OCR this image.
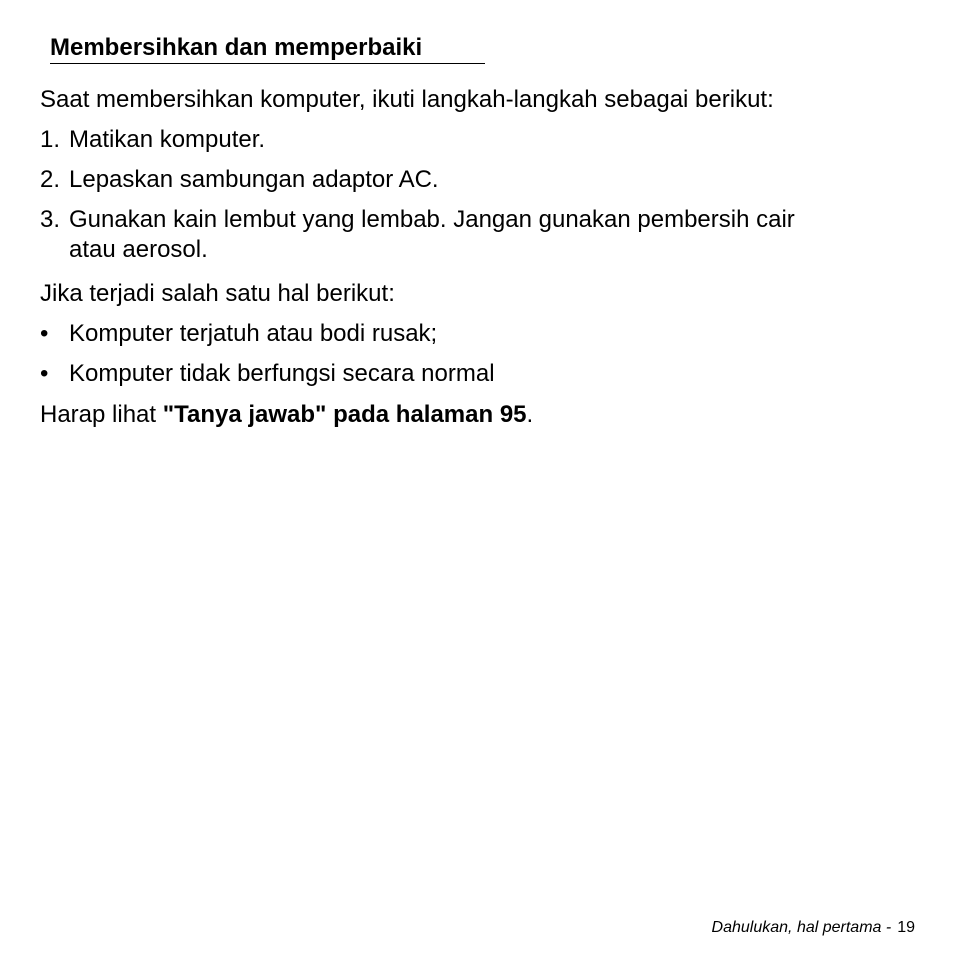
Membersihkan dan memperbaiki
Saat membersihkan komputer, ikuti langkah-langkah sebagai berikut:
1. Matikan komputer.
2. Lepaskan sambungan adaptor AC.
3. Gunakan kain lembut yang lembab. Jangan gunakan pembersih cair
atau aerosol.
Jika terjadi salah satu hal berikut:
• Komputer terjatuh atau bodi rusak;
• Komputer tidak berfungsi secara normal
Harap lihat "Tanya jawab" pada halaman 95.
Dahulukan, hal pertama - 19
